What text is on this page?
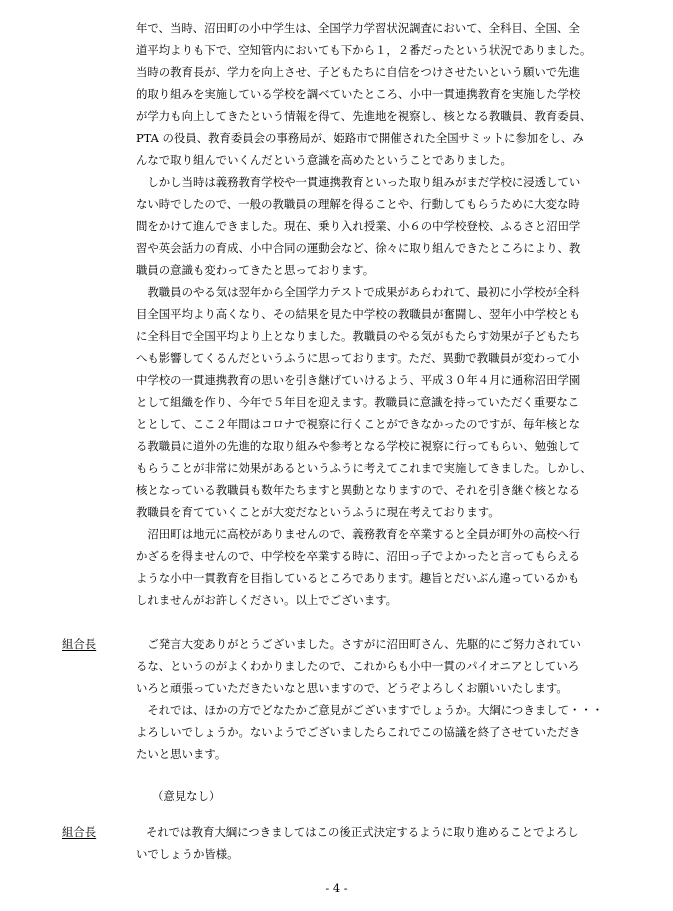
年で、当時、沼田町の小中学生は、全国学力学習状況調査において、全科目、全国、全
道平均よりも下で、空知管内においても下から１，２番だったという状況でありました。
当時の教育長が、学力を向上させ、子どもたちに自信をつけさせたいという願いで先進
的取り組みを実施している学校を調べていたところ、小中一貫連携教育を実施した学校
が学力も向上してきたという情報を得て、先進地を視察し、核となる教職員、教育委員、
PTA の役員、教育委員会の事務局が、姫路市で開催された全国サミットに参加をし、み
んなで取り組んでいくんだという意識を高めたということでありました。
　しかし当時は義務教育学校や一貫連携教育といった取り組みがまだ学校に浸透してい
ない時でしたので、一般の教職員の理解を得ることや、行動してもらうために大変な時
間をかけて進んできました。現在、乗り入れ授業、小６の中学校登校、ふるさと沼田学
習や英会話力の育成、小中合同の運動会など、徐々に取り組んできたところにより、教
職員の意識も変わってきたと思っております。
　教職員のやる気は翌年から全国学力テストで成果があらわれて、最初に小学校が全科
目全国平均より高くなり、その結果を見た中学校の教職員が奮闘し、翌年小中学校とも
に全科目で全国平均より上となりました。教職員のやる気がもたらす効果が子どもたち
へも影響してくるんだというふうに思っております。ただ、異動で教職員が変わって小
中学校の一貫連携教育の思いを引き継げていけるよう、平成３０年４月に通称沼田学園
として組織を作り、今年で５年目を迎えます。教職員に意識を持っていただく重要なこ
ととして、ここ２年間はコロナで視察に行くことができなかったのですが、毎年核とな
る教職員に道外の先進的な取り組みや参考となる学校に視察に行ってもらい、勉強して
もらうことが非常に効果があるというふうに考えてこれまで実施してきました。しかし、
核となっている教職員も数年たちますと異動となりますので、それを引き継ぐ核となる
教職員を育てていくことが大変だなというふうに現在考えております。
　沼田町は地元に高校がありませんので、義務教育を卒業すると全員が町外の高校へ行
かざるを得ませんので、中学校を卒業する時に、沼田っ子でよかったと言ってもらえる
ような小中一貫教育を目指しているところであります。趣旨とだいぶん違っているかも
しれませんがお許しください。以上でございます。
組合長	　ご発言大変ありがとうございました。さすがに沼田町さん、先駆的にご努力されてい
るな、というのがよくわかりましたので、これからも小中一貫のパイオニアとしていろ
いろと頑張っていただきたいなと思いますので、どうぞよろしくお願いいたします。
　それでは、ほかの方でどなたかご意見がございますでしょうか。大綱につきまして・・・
よろしいでしょうか。ないようでございましたらこれでこの協議を終了させていただき
たいと思います。
（意見なし）
組合長	それでは教育大綱につきましてはこの後正式決定するように取り進めることでよろし
いでしょうか皆様。
- 4 -
